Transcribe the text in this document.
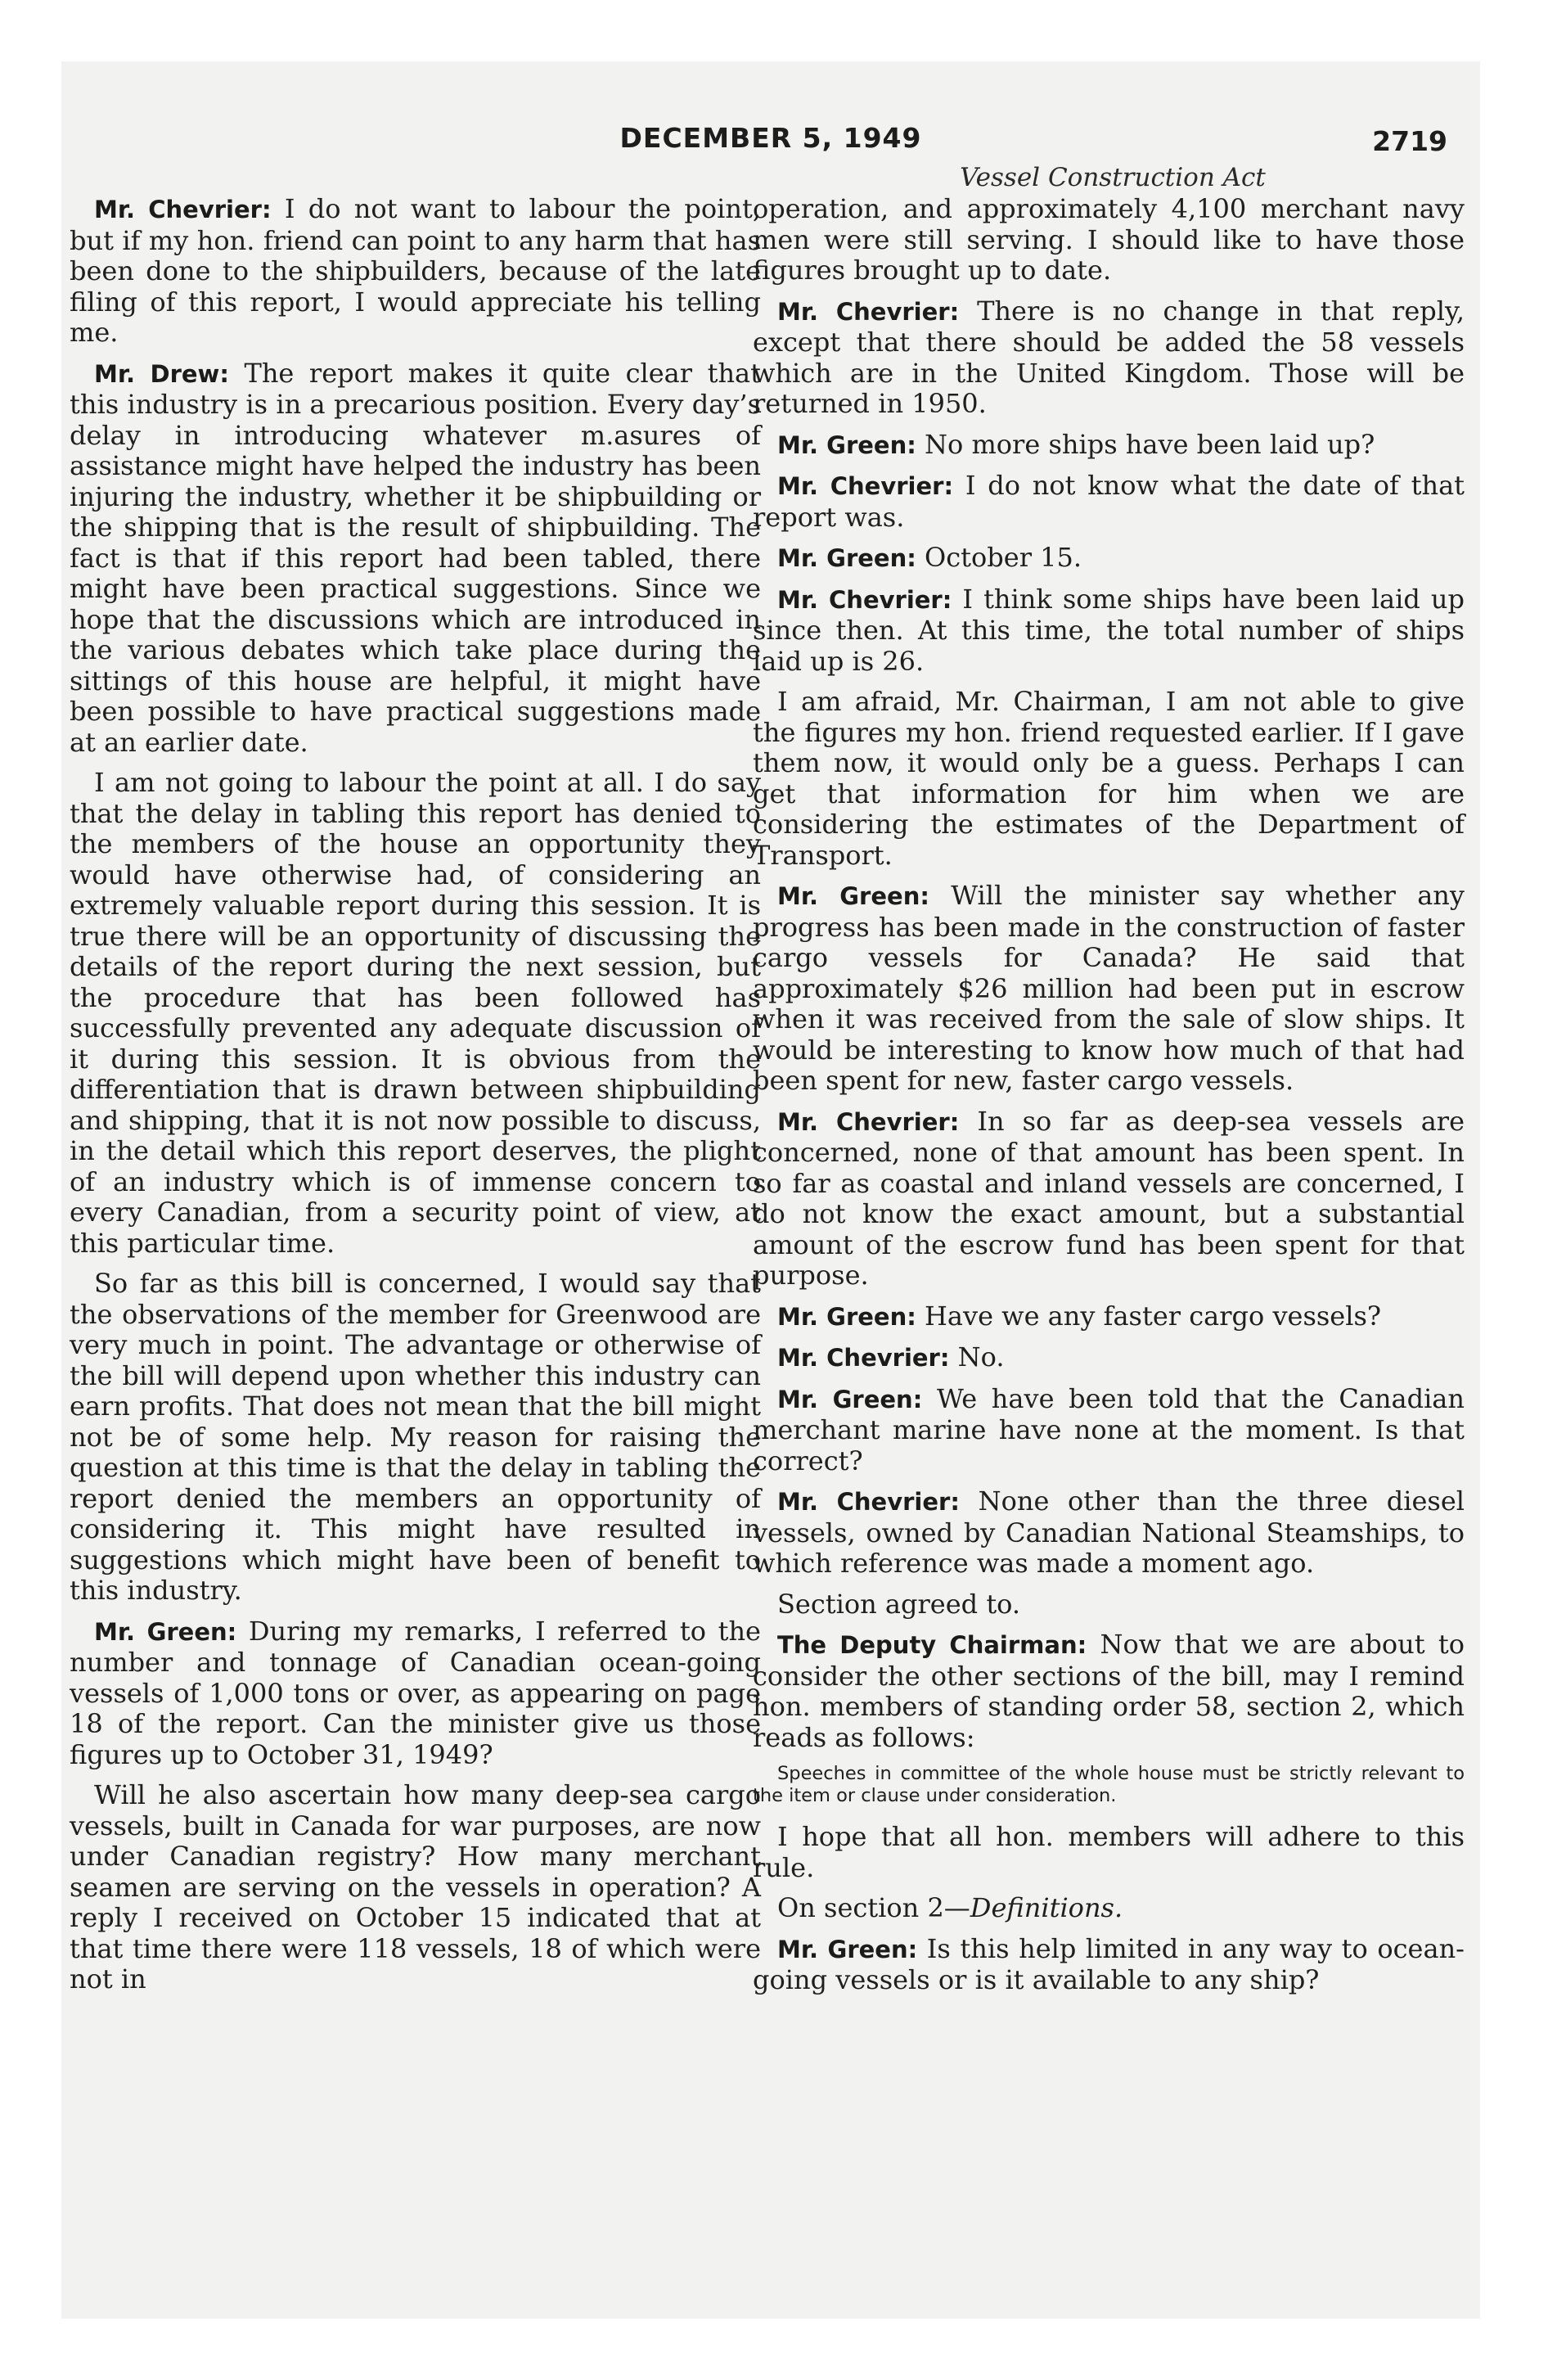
DECEMBER 5, 1949	2719
Vessel Construction Act

Mr. Chevrier: I do not want to labour the point, but if my hon. friend can point to any harm that has been done to the shipbuilders, because of the late filing of this report, I would appreciate his telling me.

Mr. Drew: The report makes it quite clear that this industry is in a precarious position. Every day’s delay in introducing whatever m.asures of assistance might have helped the industry has been injuring the industry, whether it be shipbuilding or the shipping that is the result of shipbuilding. The fact is that if this report had been tabled, there might have been practical suggestions. Since we hope that the discussions which are introduced in the various debates which take place during the sittings of this house are helpful, it might have been possible to have practical suggestions made at an earlier date.

I am not going to labour the point at all. I do say that the delay in tabling this report has denied to the members of the house an opportunity they would have otherwise had, of considering an extremely valuable report during this session. It is true there will be an opportunity of discussing the details of the report during the next session, but the procedure that has been followed has successfully prevented any adequate discussion of it during this session. It is obvious from the differentiation that is drawn between shipbuilding and shipping, that it is not now possible to discuss, in the detail which this report deserves, the plight of an industry which is of immense concern to every Canadian, from a security point of view, at this particular time.

So far as this bill is concerned, I would say that the observations of the member for Greenwood are very much in point. The advantage or otherwise of the bill will depend upon whether this industry can earn profits. That does not mean that the bill might not be of some help. My reason for raising the question at this time is that the delay in tabling the report denied the members an opportunity of considering it. This might have resulted in suggestions which might have been of benefit to this industry.

Mr. Green: During my remarks, I referred to the number and tonnage of Canadian ocean-going vessels of 1,000 tons or over, as appearing on page 18 of the report. Can the minister give us those figures up to October 31, 1949?

Will he also ascertain how many deep-sea cargo vessels, built in Canada for war purposes, are now under Canadian registry? How many merchant seamen are serving on the vessels in operation? A reply I received on October 15 indicated that at that time there were 118 vessels, 18 of which were not in

operation, and approximately 4,100 merchant navy men were still serving. I should like to have those figures brought up to date.

Mr. Chevrier: There is no change in that reply, except that there should be added the 58 vessels which are in the United Kingdom. Those will be returned in 1950.

Mr. Green: No more ships have been laid up?

Mr. Chevrier: I do not know what the date of that report was.

Mr. Green: October 15.

Mr. Chevrier: I think some ships have been laid up since then. At this time, the total number of ships laid up is 26.

I am afraid, Mr. Chairman, I am not able to give the figures my hon. friend requested earlier. If I gave them now, it would only be a guess. Perhaps I can get that information for him when we are considering the estimates of the Department of Transport.

Mr. Green: Will the minister say whether any progress has been made in the construction of faster cargo vessels for Canada? He said that approximately $26 million had been put in escrow when it was received from the sale of slow ships. It would be interesting to know how much of that had been spent for new, faster cargo vessels.

Mr. Chevrier: In so far as deep-sea vessels are concerned, none of that amount has been spent. In so far as coastal and inland vessels are concerned, I do not know the exact amount, but a substantial amount of the escrow fund has been spent for that purpose.

Mr. Green: Have we any faster cargo vessels?

Mr. Chevrier: No.

Mr. Green: We have been told that the Canadian merchant marine have none at the moment. Is that correct?

Mr. Chevrier: None other than the three diesel vessels, owned by Canadian National Steamships, to which reference was made a moment ago.

Section agreed to.

The Deputy Chairman: Now that we are about to consider the other sections of the bill, may I remind hon. members of standing order 58, section 2, which reads as follows:

Speeches in committee of the whole house must be strictly relevant to the item or clause under consideration.

I hope that all hon. members will adhere to this rule.

On section 2—Definitions.

Mr. Green: Is this help limited in any way to ocean-going vessels or is it available to any ship?
